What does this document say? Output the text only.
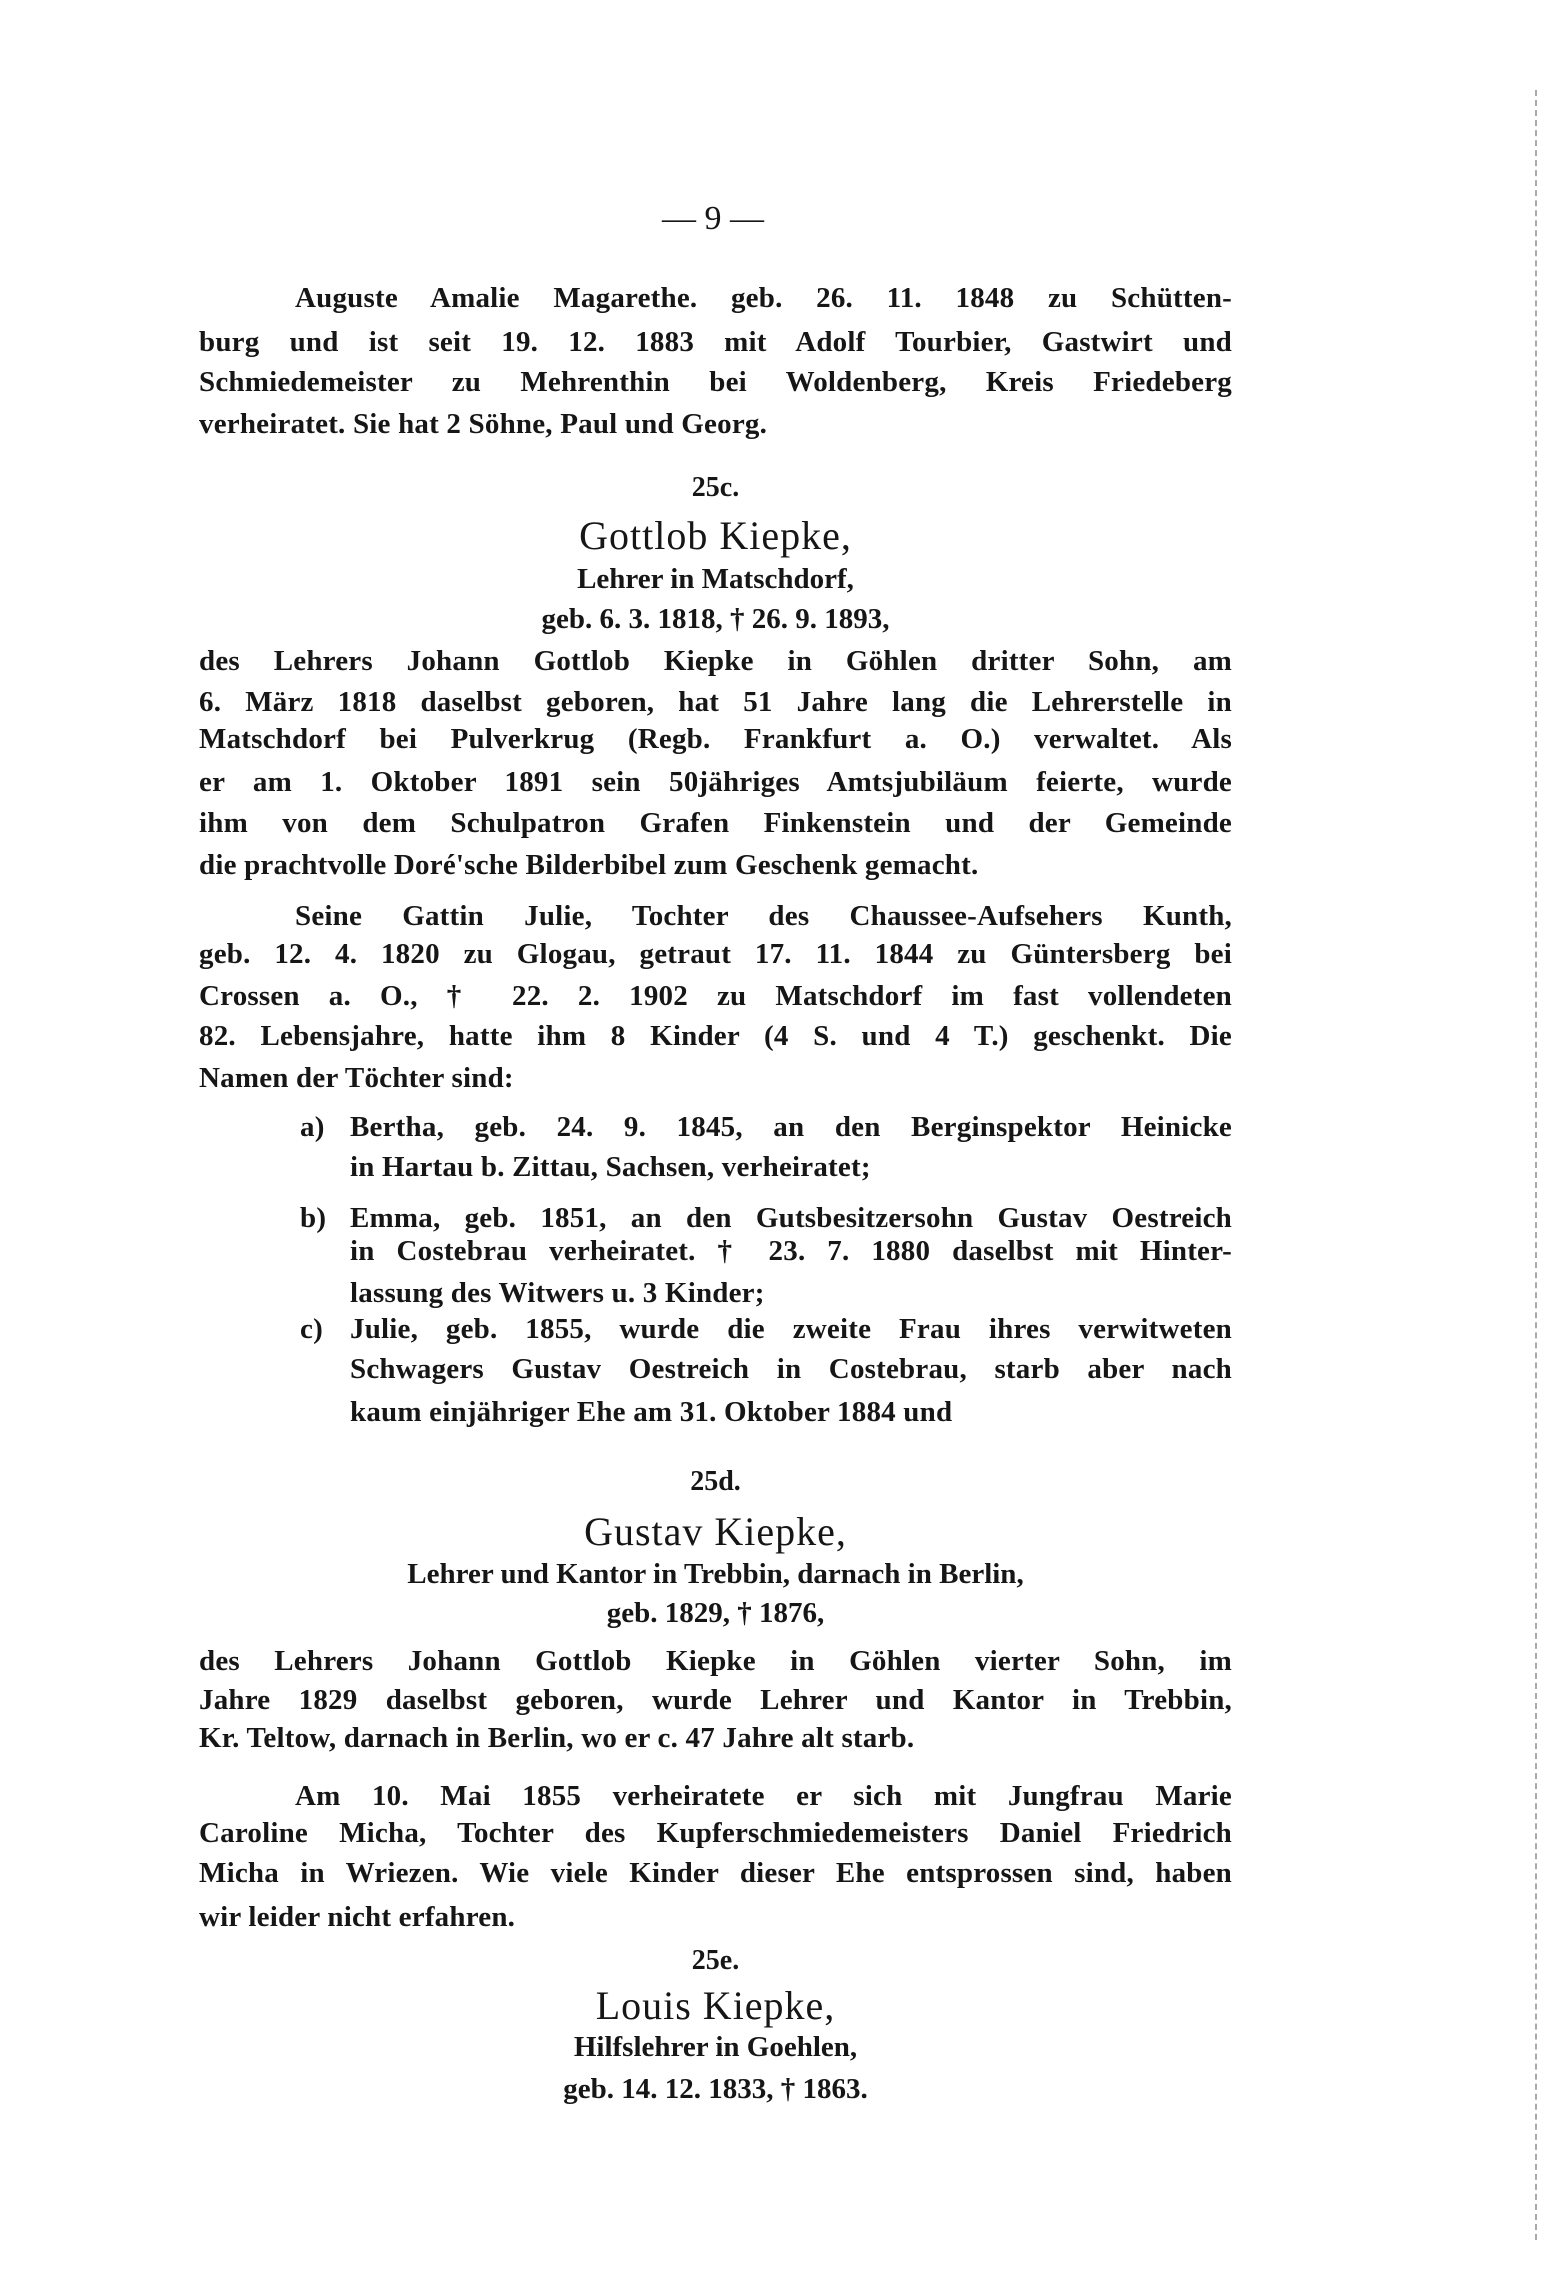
— 9 —
Auguste Amalie Magarethe. geb. 26. 11. 1848 zu Schütten-
burg und ist seit 19. 12. 1883 mit Adolf Tourbier, Gastwirt und
Schmiedemeister zu Mehrenthin bei Woldenberg, Kreis Friedeberg
verheiratet. Sie hat 2 Söhne, Paul und Georg.
25c.
Gottlob Kiepke,
Lehrer in Matschdorf,
geb. 6. 3. 1818, † 26. 9. 1893,
des Lehrers Johann Gottlob Kiepke in Göhlen dritter Sohn, am
6. März 1818 daselbst geboren, hat 51 Jahre lang die Lehrerstelle in
Matschdorf bei Pulverkrug (Regb. Frankfurt a. O.) verwaltet. Als
er am 1. Oktober 1891 sein 50jähriges Amtsjubiläum feierte, wurde
ihm von dem Schulpatron Grafen Finkenstein und der Gemeinde
die prachtvolle Doré'sche Bilderbibel zum Geschenk gemacht.
Seine Gattin Julie, Tochter des Chaussee-Aufsehers Kunth,
geb. 12. 4. 1820 zu Glogau, getraut 17. 11. 1844 zu Güntersberg bei
Crossen a. O., † 22. 2. 1902 zu Matschdorf im fast vollendeten
82. Lebensjahre, hatte ihm 8 Kinder (4 S. und 4 T.) geschenkt. Die
Namen der Töchter sind:
a) Bertha, geb. 24. 9. 1845, an den Berginspektor Heinicke
in Hartau b. Zittau, Sachsen, verheiratet;
b) Emma, geb. 1851, an den Gutsbesitzersohn Gustav Oestreich
in Costebrau verheiratet. † 23. 7. 1880 daselbst mit Hinter-
lassung des Witwers u. 3 Kinder;
c) Julie, geb. 1855, wurde die zweite Frau ihres verwitweten
Schwagers Gustav Oestreich in Costebrau, starb aber nach
kaum einjähriger Ehe am 31. Oktober 1884 und
25d.
Gustav Kiepke,
Lehrer und Kantor in Trebbin, darnach in Berlin,
geb. 1829, † 1876,
des Lehrers Johann Gottlob Kiepke in Göhlen vierter Sohn, im
Jahre 1829 daselbst geboren, wurde Lehrer und Kantor in Trebbin,
Kr. Teltow, darnach in Berlin, wo er c. 47 Jahre alt starb.
Am 10. Mai 1855 verheiratete er sich mit Jungfrau Marie
Caroline Micha, Tochter des Kupferschmiedemeisters Daniel Friedrich
Micha in Wriezen. Wie viele Kinder dieser Ehe entsprossen sind, haben
wir leider nicht erfahren.
25e.
Louis Kiepke,
Hilfslehrer in Goehlen,
geb. 14. 12. 1833, † 1863.
